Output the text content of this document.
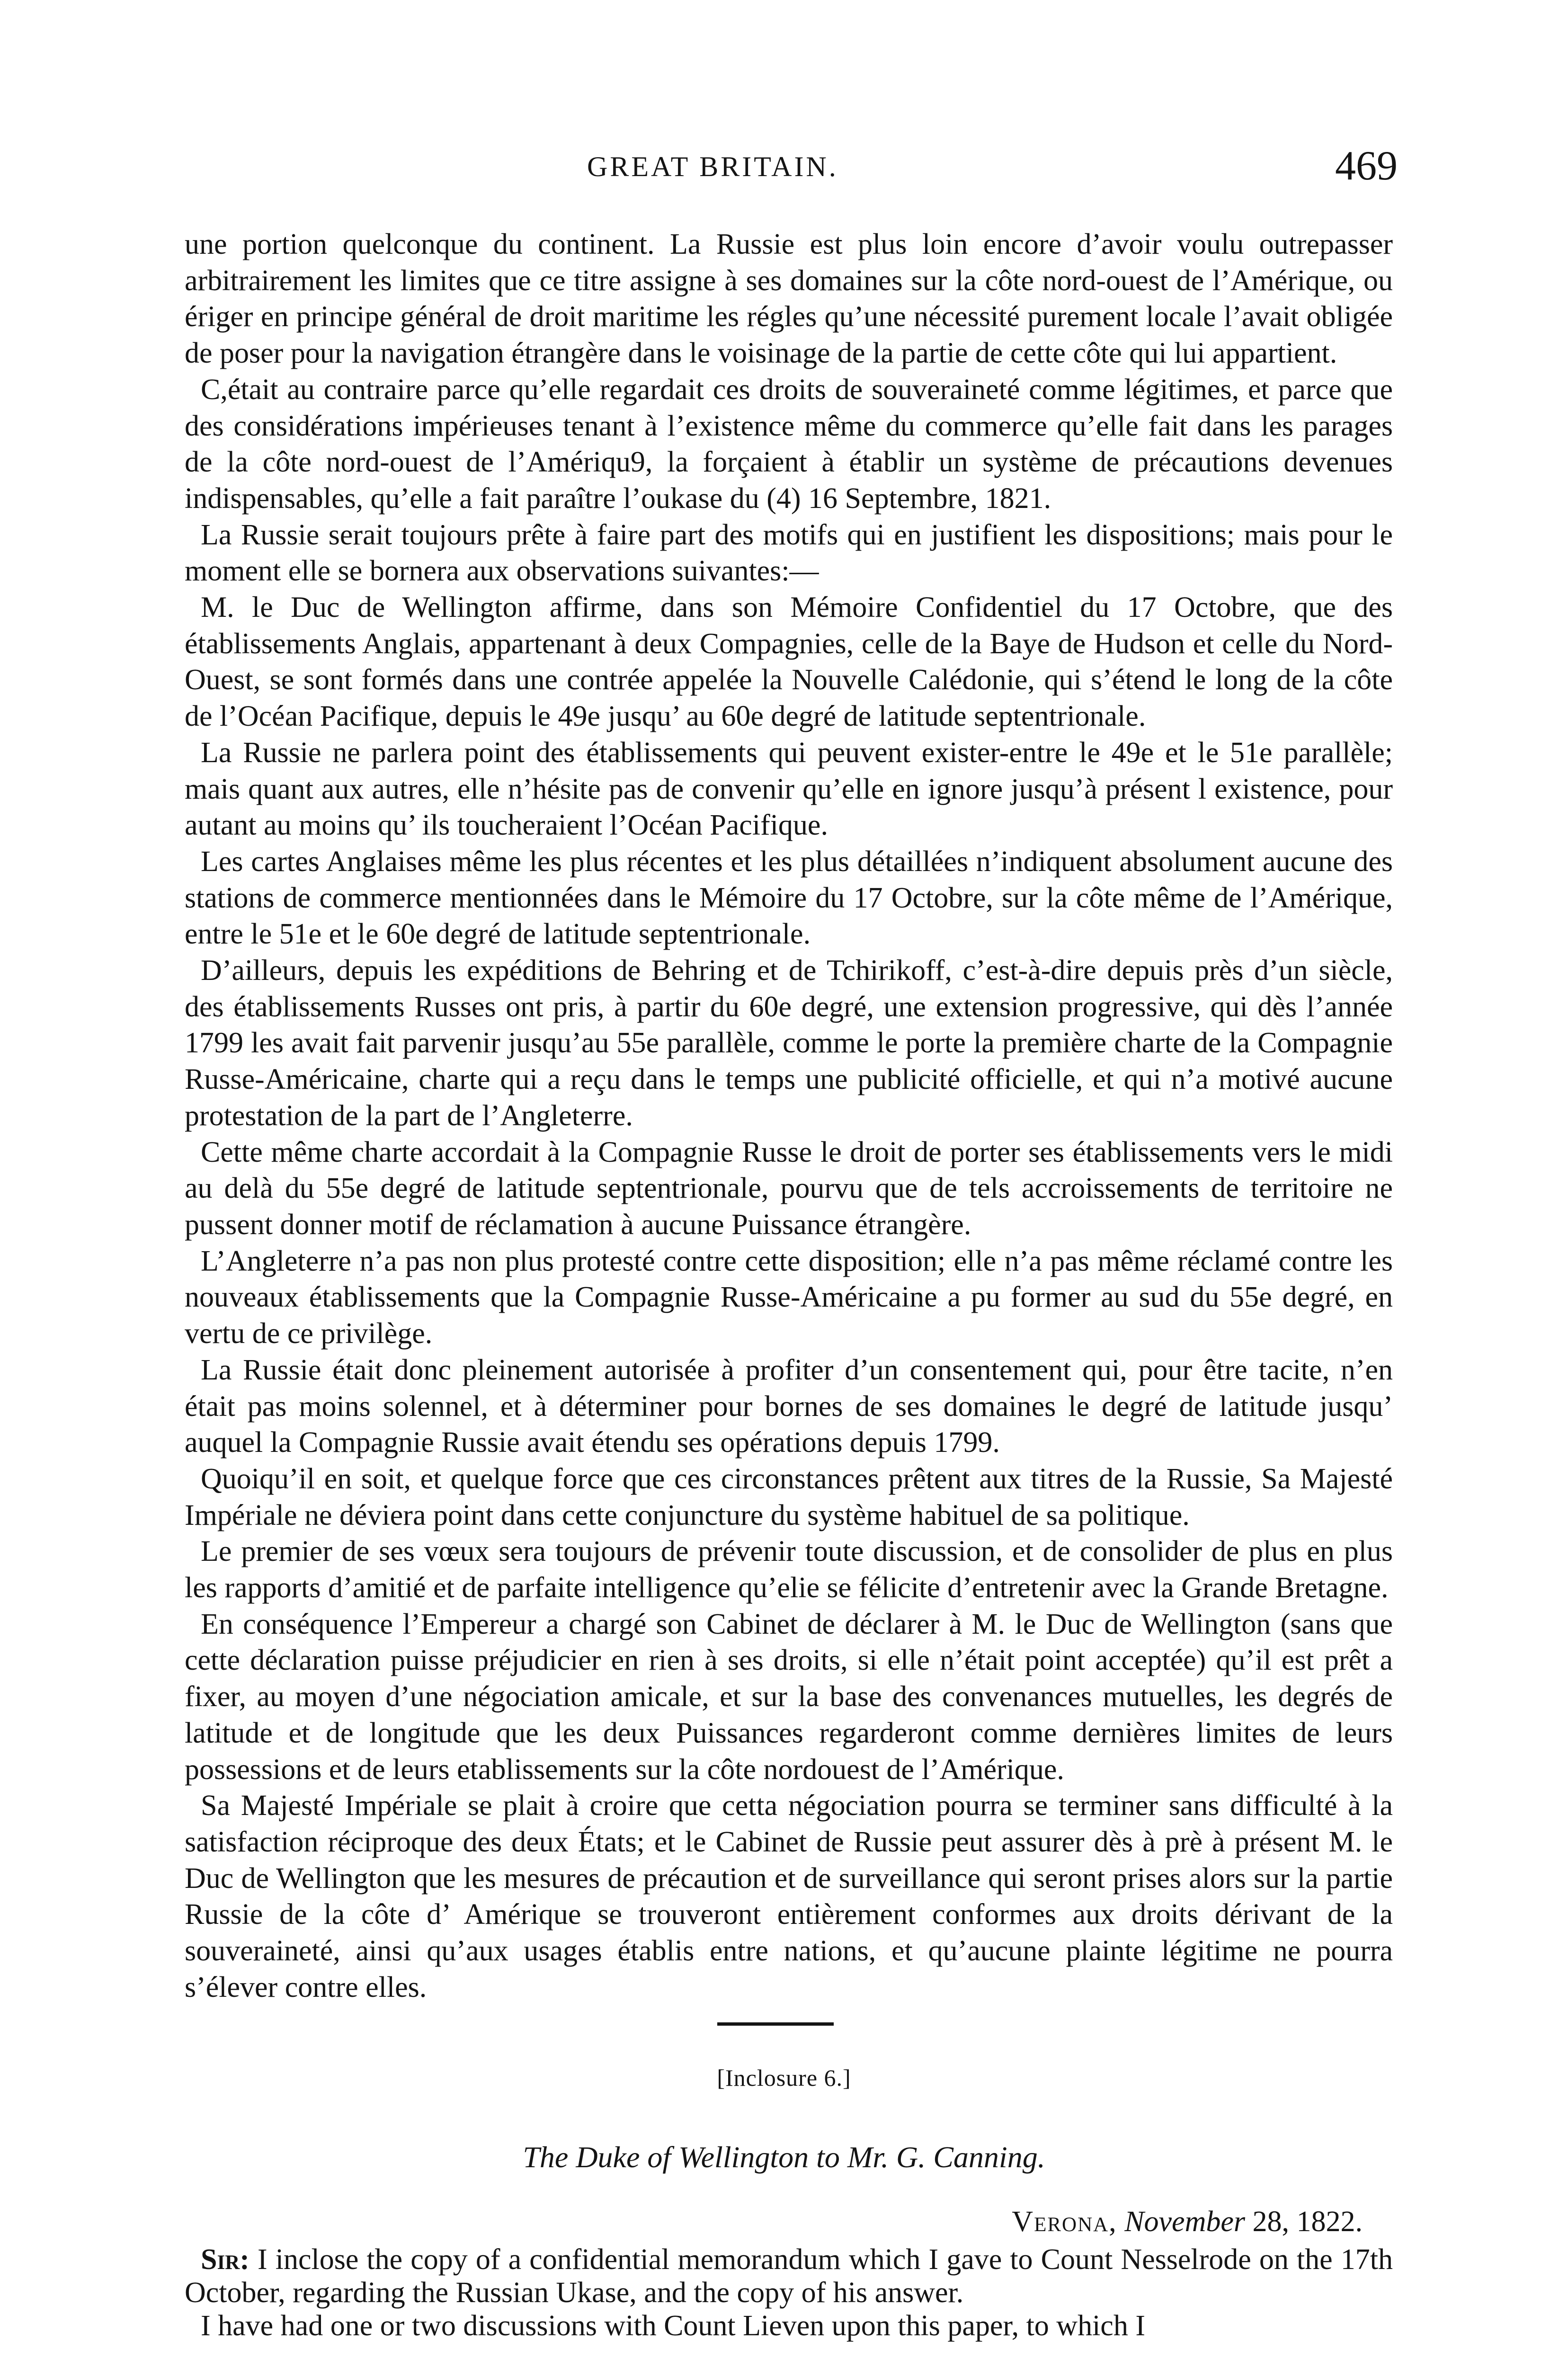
GREAT BRITAIN.	469

une portion quelconque du continent. La Russie est plus loin encore d’avoir voulu outrepasser arbitrairement les limites que ce titre assigne à ses domaines sur la côte nord-ouest de l’Amérique, ou ériger en principe général de droit maritime les régles qu’une nécessité purement locale l’avait obligée de poser pour la navigation étrangère dans le voisinage de la partie de cette côte qui lui appartient.

C,était au contraire parce qu’elle regardait ces droits de souveraineté comme légitimes, et parce que des considérations impérieuses tenant à l’existence même du commerce qu’elle fait dans les parages de la côte nord-ouest de l’Amériqu9, la forçaient à établir un système de précautions devenues indispensables, qu’elle a fait paraître l’oukase du (4) 16 Septembre, 1821.

La Russie serait toujours prête à faire part des motifs qui en justifient les dispositions; mais pour le moment elle se bornera aux observations suivantes:—

M. le Duc de Wellington affirme, dans son Mémoire Confidentiel du 17 Octobre, que des établissements Anglais, appartenant à deux Compagnies, celle de la Baye de Hudson et celle du Nord-Ouest, se sont formés dans une contrée appelée la Nouvelle Calédonie, qui s’étend le long de la côte de l’Océan Pacifique, depuis le 49e jusqu’ au 60e degré de latitude septentrionale.

La Russie ne parlera point des établissements qui peuvent exister-entre le 49e et le 51e parallèle; mais quant aux autres, elle n’hésite pas de convenir qu’elle en ignore jusqu’à présent l existence, pour autant au moins qu’ ils toucheraient l’Océan Pacifique.

Les cartes Anglaises même les plus récentes et les plus détaillées n’indiquent absolument aucune des stations de commerce mentionnées dans le Mémoire du 17 Octobre, sur la côte même de l’Amérique, entre le 51e et le 60e degré de latitude septentrionale.

D’ailleurs, depuis les expéditions de Behring et de Tchirikoff, c’est-à-dire depuis près d’un siècle, des établissements Russes ont pris, à partir du 60e degré, une extension progressive, qui dès l’année 1799 les avait fait parvenir jusqu’au 55e parallèle, comme le porte la première charte de la Compagnie Russe-Américaine, charte qui a reçu dans le temps une publicité officielle, et qui n’a motivé aucune protestation de la part de l’Angleterre.

Cette même charte accordait à la Compagnie Russe le droit de porter ses établissements vers le midi au delà du 55e degré de latitude septentrionale, pourvu que de tels accroissements de territoire ne pussent donner motif de réclamation à aucune Puissance étrangère.

L’Angleterre n’a pas non plus protesté contre cette disposition; elle n’a pas même réclamé contre les nouveaux établissements que la Compagnie Russe-Américaine a pu former au sud du 55e degré, en vertu de ce privilège.

La Russie était donc pleinement autorisée à profiter d’un consentement qui, pour être tacite, n’en était pas moins solennel, et à déterminer pour bornes de ses domaines le degré de latitude jusqu’ auquel la Compagnie Russie avait étendu ses opérations depuis 1799.

Quoiqu’il en soit, et quelque force que ces circonstances prêtent aux titres de la Russie, Sa Majesté Impériale ne déviera point dans cette conjuncture du système habituel de sa politique.

Le premier de ses vœux sera toujours de prévenir toute discussion, et de consolider de plus en plus les rapports d’amitié et de parfaite intelligence qu’elie se félicite d’entretenir avec la Grande Bretagne.

En conséquence l’Empereur a chargé son Cabinet de déclarer à M. le Duc de Wellington (sans que cette déclaration puisse préjudicier en rien à ses droits, si elle n’était point acceptée) qu’il est prêt a fixer, au moyen d’une négociation amicale, et sur la base des convenances mutuelles, les degrés de latitude et de longitude que les deux Puissances regarderont comme dernières limites de leurs possessions et de leurs etablissements sur la côte nordouest de l’Amérique.

Sa Majesté Impériale se plait à croire que cetta négociation pourra se terminer sans difficulté à la satisfaction réciproque des deux États; et le Cabinet de Russie peut assurer dès à prè à présent M. le Duc de Wellington que les mesures de précaution et de surveillance qui seront prises alors sur la partie Russie de la côte d’ Amérique se trouveront entièrement conformes aux droits dérivant de la souveraineté, ainsi qu’aux usages établis entre nations, et qu’aucune plainte légitime ne pourra s’élever contre elles.

[Inclosure 6.]
The Duke of Wellington to Mr. G. Canning.
Verona, November 28, 1822.

Sir: I inclose the copy of a confidential memorandum which I gave to Count Nesselrode on the 17th October, regarding the Russian Ukase, and the copy of his answer.

I have had one or two discussions with Count Lieven upon this paper, to which I
